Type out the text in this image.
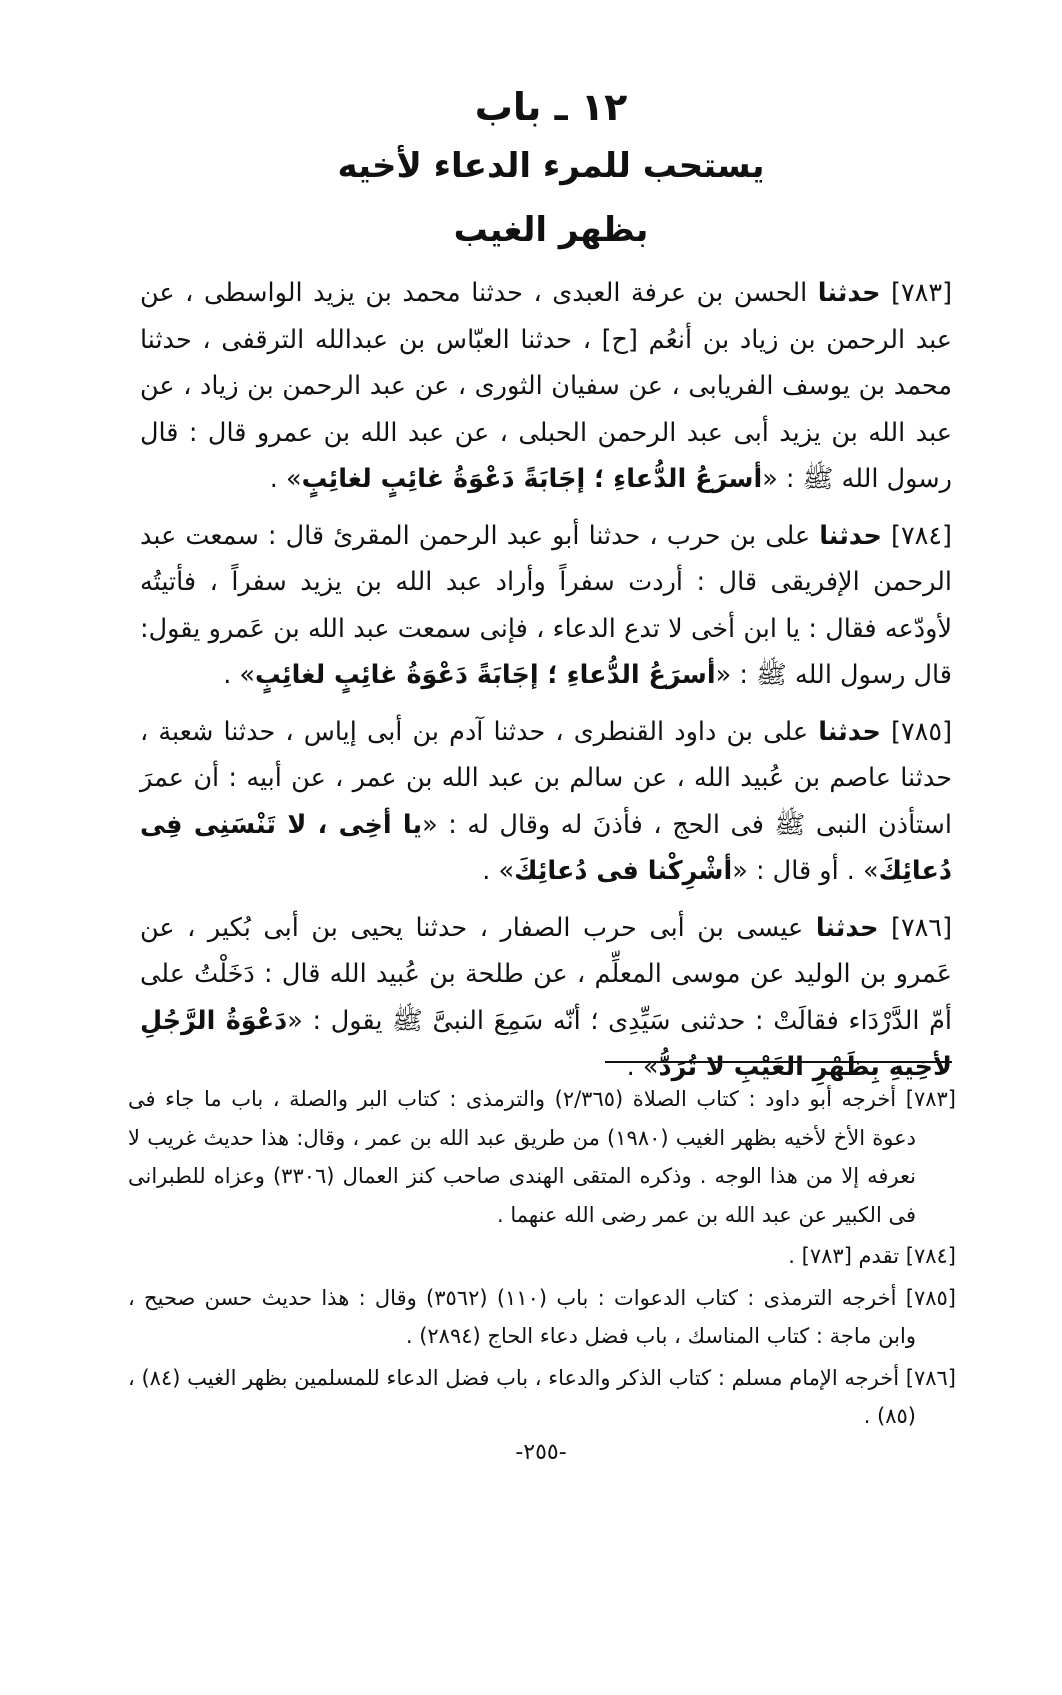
١٢ ـ باب
يستحب للمرء الدعاء لأخيه
بظهر الغيب

[٧٨٣] حدثنا الحسن بن عرفة العبدى ، حدثنا محمد بن يزيد الواسطى ، عن عبد الرحمن بن زياد بن أنعُم [ح] ، حدثنا العبّاس بن عبدالله الترقفى ، حدثنا محمد بن يوسف الفريابى ، عن سفيان الثورى ، عن عبد الرحمن بن زياد ، عن عبد الله بن يزيد أبى عبد الرحمن الحبلى ، عن عبد الله بن عمرو قال : قال رسول الله ﷺ : «أسرَعُ الدُّعاءِ ؛ إجَابَةً دَعْوَةُ غائِبٍ لغائِبٍ» .

[٧٨٤] حدثنا على بن حرب ، حدثنا أبو عبد الرحمن المقرئ قال : سمعت عبد الرحمن الإفريقى قال : أردت سفراً وأراد عبد الله بن يزيد سفراً ، فأتيتُه لأودّعه فقال : يا ابن أخى لا تدع الدعاء ، فإنى سمعت عبد الله بن عَمرو يقول: قال رسول الله ﷺ : «أسرَعُ الدُّعاءِ ؛ إجَابَةً دَعْوَةُ غائِبٍ لغائِبٍ» .

[٧٨٥] حدثنا على بن داود القنطرى ، حدثنا آدم بن أبى إياس ، حدثنا شعبة ، حدثنا عاصم بن عُبيد الله ، عن سالم بن عبد الله بن عمر ، عن أبيه : أن عمرَ استأذن النبى ﷺ فى الحج ، فأذنَ له وقال له : «يا أخِى ، لا تَنْسَنِى فِى دُعائِكَ» . أو قال : «أشْرِكْنا فى دُعائِكَ» .

[٧٨٦] حدثنا عيسى بن أبى حرب الصفار ، حدثنا يحيى بن أبى بُكير ، عن عَمرو بن الوليد عن موسى المعلِّم ، عن طلحة بن عُبيد الله قال : دَخَلْتُ على أمّ الدَّرْدَاء فقالَتْ : حدثنى سَيِّدِى ؛ أنّه سَمِعَ النبىَّ ﷺ يقول : «دَعْوَةُ الرَّجُلِ لأخِيهِ بِظَهْرِ الغَيْبِ لا تُرَدُّ» .

[٧٨٣] أخرجه أبو داود : كتاب الصلاة (٢/٣٦٥) والترمذى : كتاب البر والصلة ، باب ما جاء فى دعوة الأخ لأخيه بظهر الغيب (١٩٨٠) من طريق عبد الله بن عمر ، وقال: هذا حديث غريب لا نعرفه إلا من هذا الوجه . وذكره المتقى الهندى صاحب كنز العمال (٣٣٠٦) وعزاه للطبرانى فى الكبير عن عبد الله بن عمر رضى الله عنهما .

[٧٨٤] تقدم [٧٨٣] .

[٧٨٥] أخرجه الترمذى : كتاب الدعوات : باب (١١٠) (٣٥٦٢) وقال : هذا حديث حسن صحيح ، وابن ماجة : كتاب المناسك ، باب فضل دعاء الحاج (٢٨٩٤) .

[٧٨٦] أخرجه الإمام مسلم : كتاب الذكر والدعاء ، باب فضل الدعاء للمسلمين بظهر الغيب (٨٤) ، (٨٥) .

-٢٥٥-
